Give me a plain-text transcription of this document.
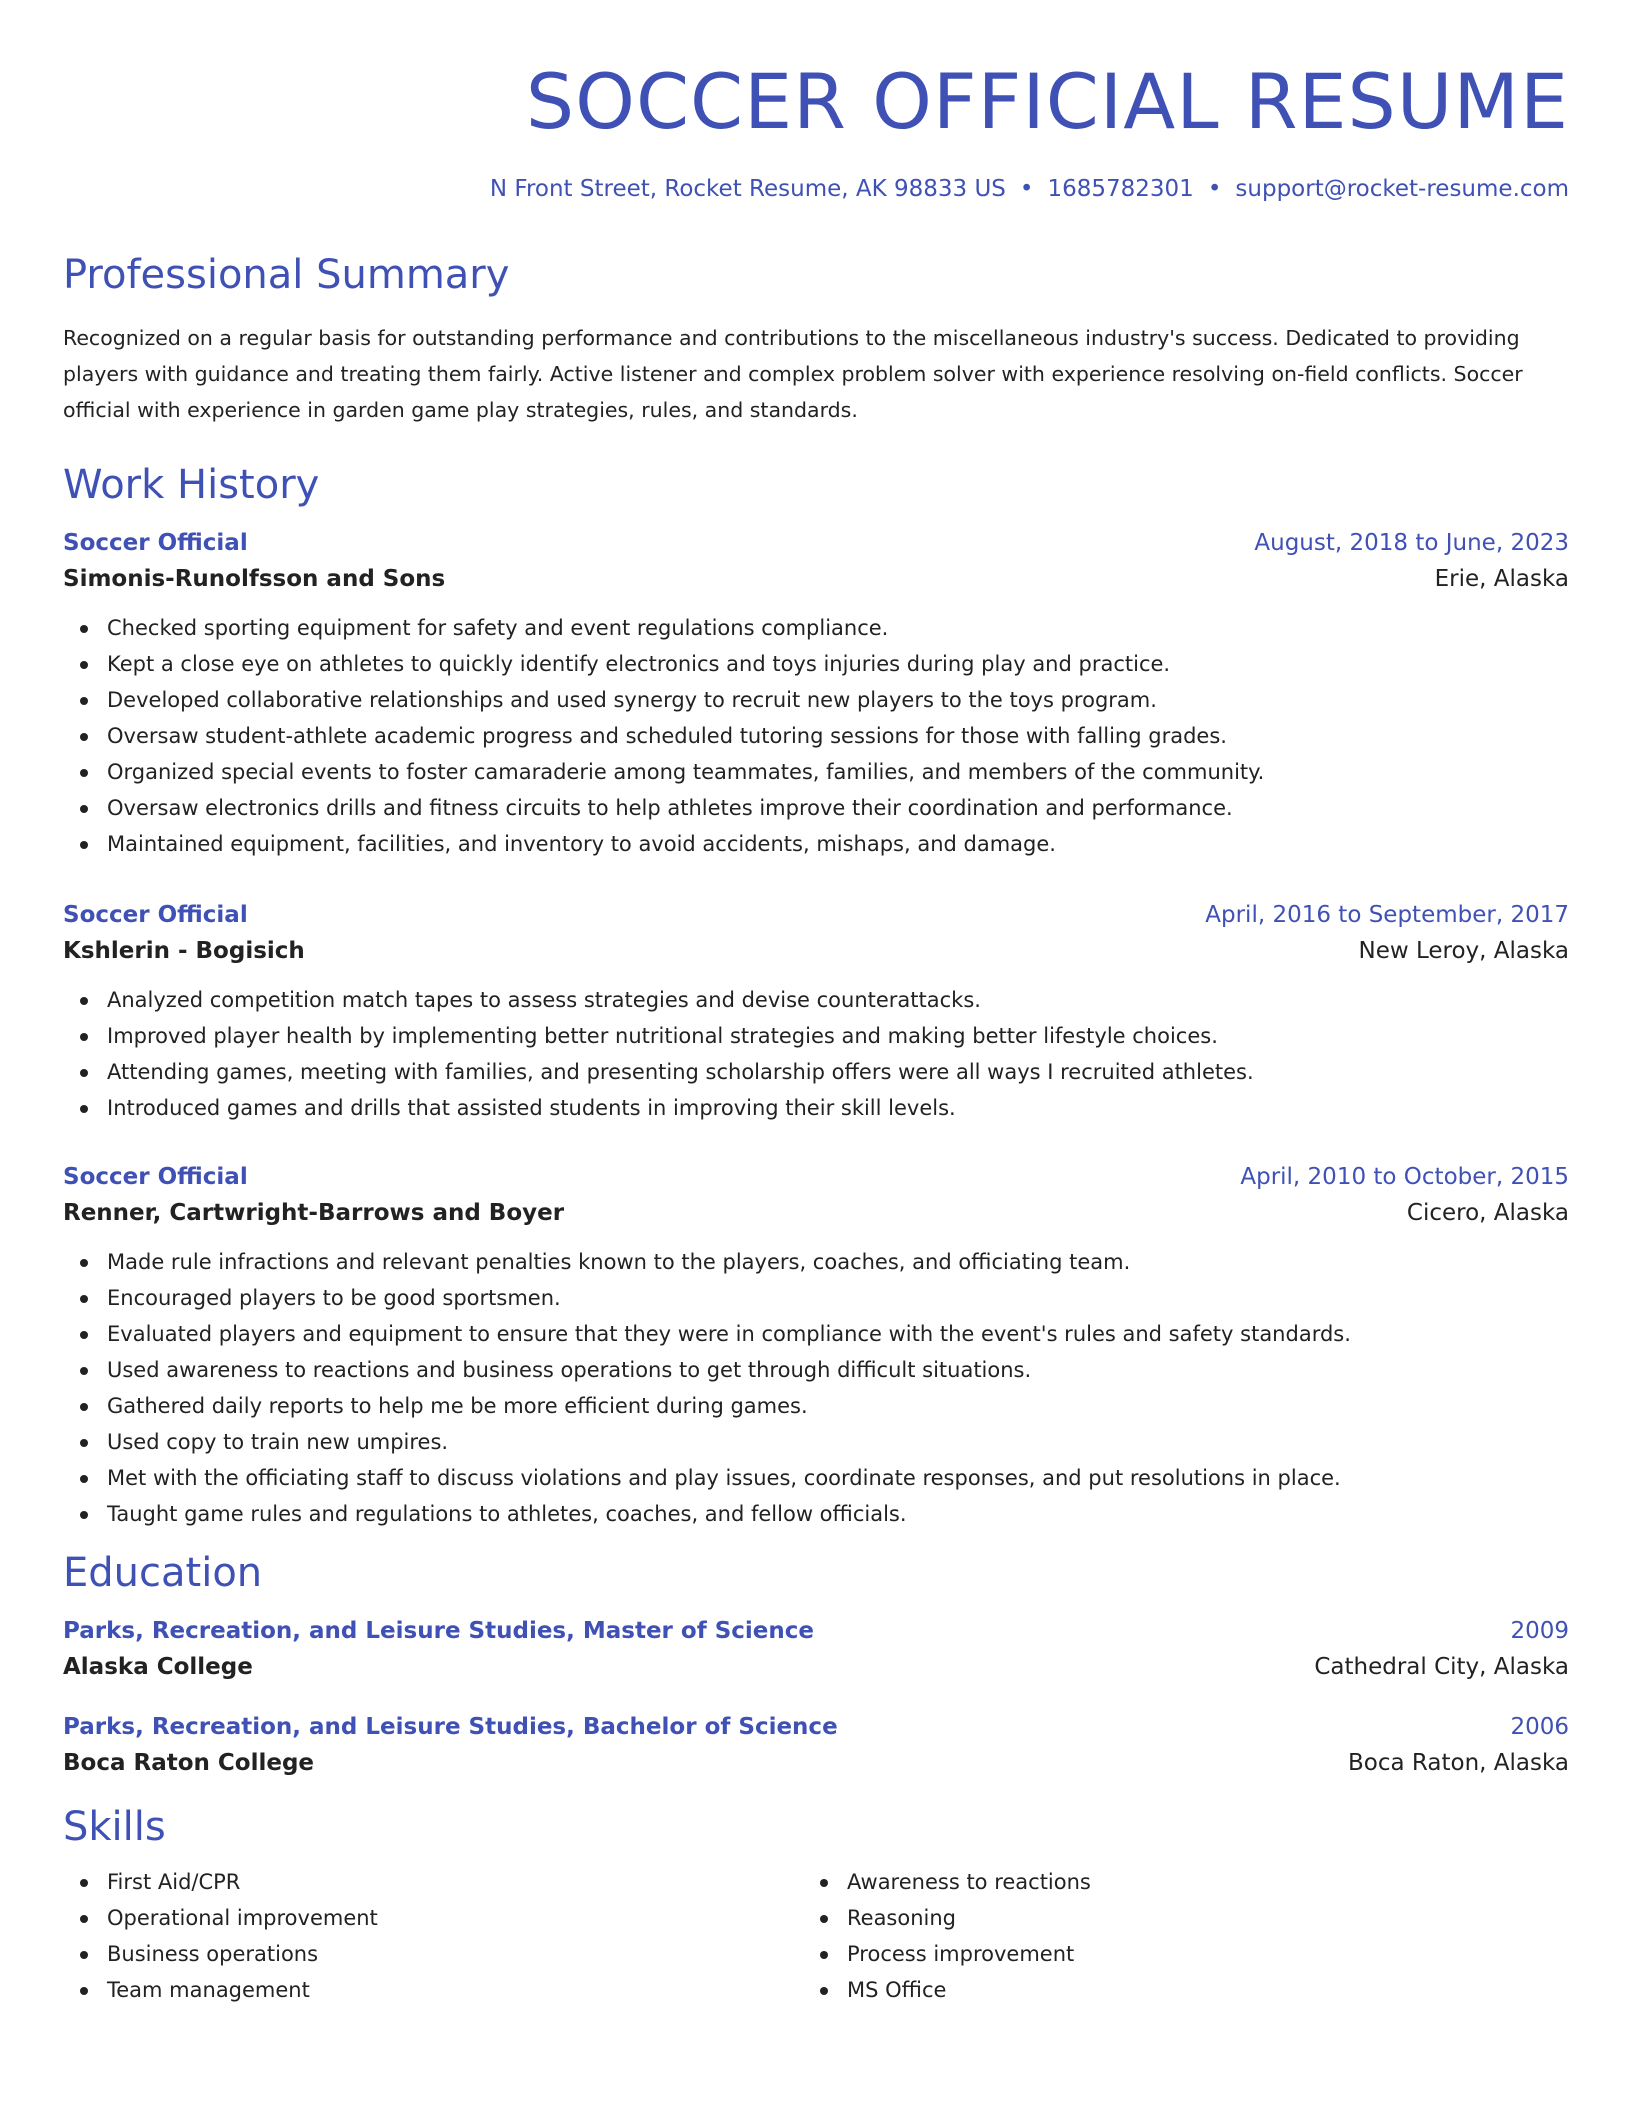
SOCCER OFFICIAL RESUME
N Front Street, Rocket Resume, AK 98833 US • 1685782301 • support@rocket-resume.com
Professional Summary
Recognized on a regular basis for outstanding performance and contributions to the miscellaneous industry's success. Dedicated to providing players with guidance and treating them fairly. Active listener and complex problem solver with experience resolving on-field conflicts. Soccer official with experience in garden game play strategies, rules, and standards.
Work History
Soccer Official	August, 2018 to June, 2023
Simonis-Runolfsson and Sons	Erie, Alaska
Checked sporting equipment for safety and event regulations compliance.
Kept a close eye on athletes to quickly identify electronics and toys injuries during play and practice.
Developed collaborative relationships and used synergy to recruit new players to the toys program.
Oversaw student-athlete academic progress and scheduled tutoring sessions for those with falling grades.
Organized special events to foster camaraderie among teammates, families, and members of the community.
Oversaw electronics drills and fitness circuits to help athletes improve their coordination and performance.
Maintained equipment, facilities, and inventory to avoid accidents, mishaps, and damage.
Soccer Official	April, 2016 to September, 2017
Kshlerin - Bogisich	New Leroy, Alaska
Analyzed competition match tapes to assess strategies and devise counterattacks.
Improved player health by implementing better nutritional strategies and making better lifestyle choices.
Attending games, meeting with families, and presenting scholarship offers were all ways I recruited athletes.
Introduced games and drills that assisted students in improving their skill levels.
Soccer Official	April, 2010 to October, 2015
Renner, Cartwright-Barrows and Boyer	Cicero, Alaska
Made rule infractions and relevant penalties known to the players, coaches, and officiating team.
Encouraged players to be good sportsmen.
Evaluated players and equipment to ensure that they were in compliance with the event's rules and safety standards.
Used awareness to reactions and business operations to get through difficult situations.
Gathered daily reports to help me be more efficient during games.
Used copy to train new umpires.
Met with the officiating staff to discuss violations and play issues, coordinate responses, and put resolutions in place.
Taught game rules and regulations to athletes, coaches, and fellow officials.
Education
Parks, Recreation, and Leisure Studies, Master of Science	2009
Alaska College	Cathedral City, Alaska
Parks, Recreation, and Leisure Studies, Bachelor of Science	2006
Boca Raton College	Boca Raton, Alaska
Skills
First Aid/CPR
Operational improvement
Business operations
Team management
Awareness to reactions
Reasoning
Process improvement
MS Office
